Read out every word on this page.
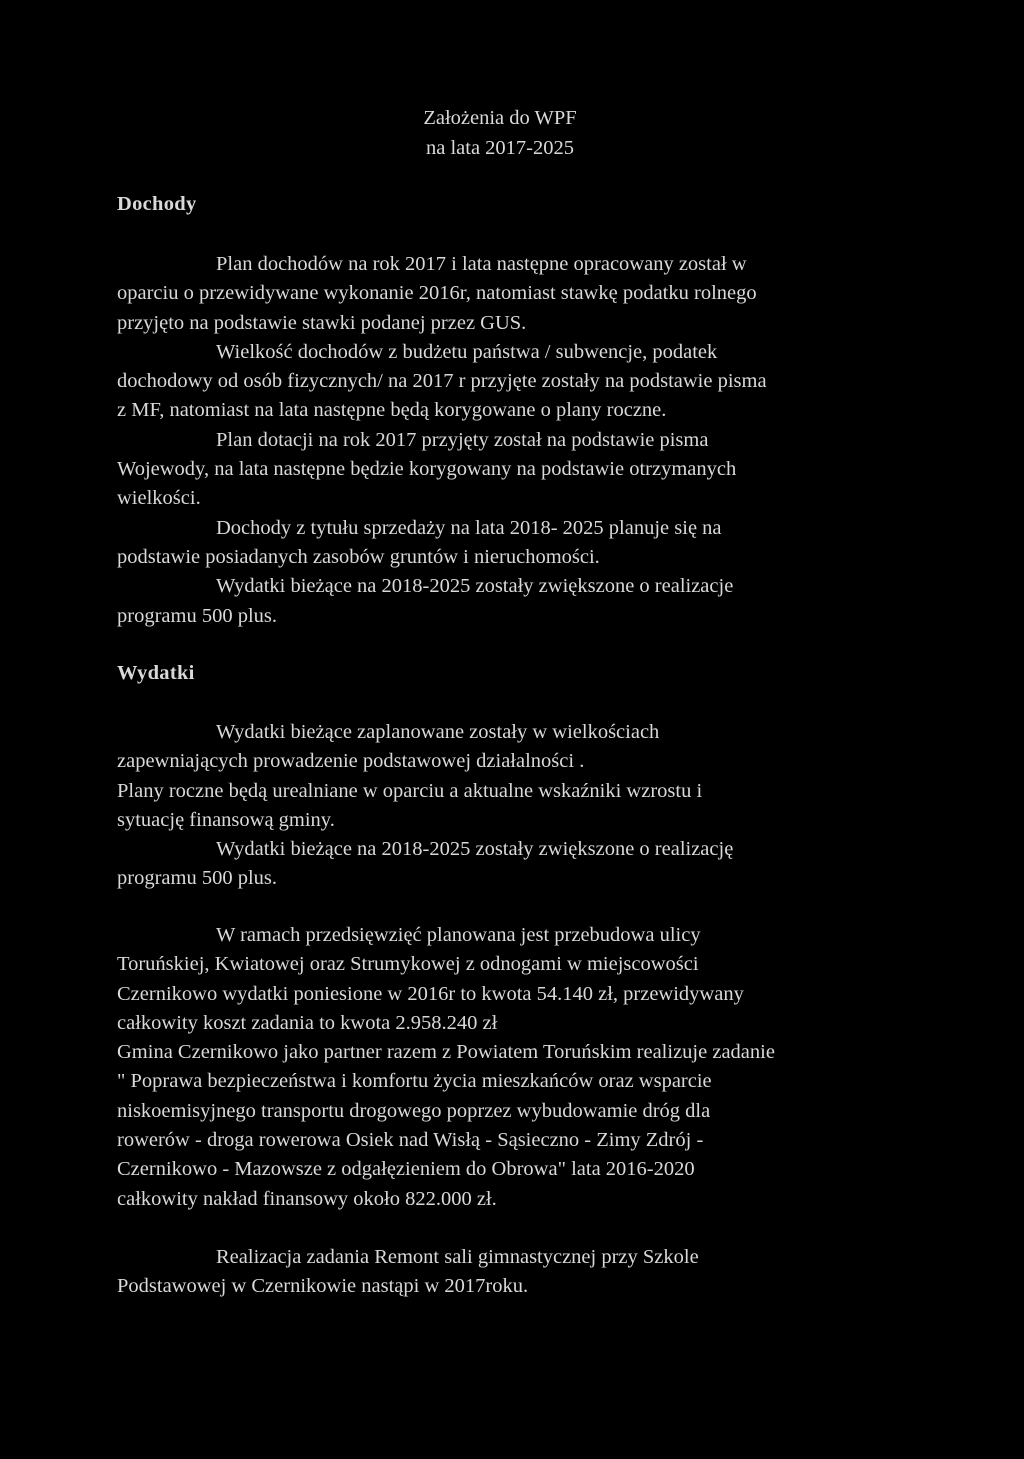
Założenia do WPF
na lata 2017-2025
Dochody
Plan dochodów na rok 2017 i lata następne opracowany został w
oparciu o przewidywane wykonanie 2016r, natomiast stawkę podatku rolnego
przyjęto na podstawie stawki podanej przez GUS.
Wielkość dochodów z budżetu państwa / subwencje, podatek
dochodowy od osób fizycznych/ na 2017 r przyjęte zostały na podstawie pisma
z MF, natomiast na lata następne będą korygowane o plany roczne.
Plan dotacji na rok 2017 przyjęty został na podstawie pisma
Wojewody, na lata następne będzie korygowany na podstawie otrzymanych
wielkości.
Dochody z tytułu sprzedaży na lata 2018- 2025 planuje się na
podstawie posiadanych zasobów gruntów i nieruchomości.
Wydatki bieżące na 2018-2025 zostały zwiększone o realizacje
programu 500 plus.
Wydatki
Wydatki bieżące zaplanowane zostały w wielkościach
zapewniających prowadzenie podstawowej działalności .
Plany roczne będą urealniane w oparciu a aktualne wskaźniki wzrostu i
sytuację finansową gminy.
Wydatki bieżące na 2018-2025 zostały zwiększone o realizację
programu 500 plus.
W ramach przedsięwzięć planowana jest przebudowa ulicy
Toruńskiej, Kwiatowej oraz Strumykowej z odnogami w miejscowości
Czernikowo wydatki poniesione w 2016r to kwota 54.140 zł, przewidywany
całkowity koszt zadania to kwota 2.958.240 zł
Gmina Czernikowo jako partner razem z Powiatem Toruńskim realizuje zadanie
" Poprawa bezpieczeństwa i komfortu życia mieszkańców oraz wsparcie
niskoemisyjnego transportu drogowego poprzez wybudowamie dróg dla
rowerów - droga rowerowa Osiek nad Wisłą - Sąsieczno - Zimy Zdrój -
Czernikowo - Mazowsze z odgałęzieniem do Obrowa" lata 2016-2020
całkowity nakład finansowy około 822.000 zł.
Realizacja zadania Remont sali gimnastycznej przy Szkole
Podstawowej w Czernikowie nastąpi w 2017roku.
